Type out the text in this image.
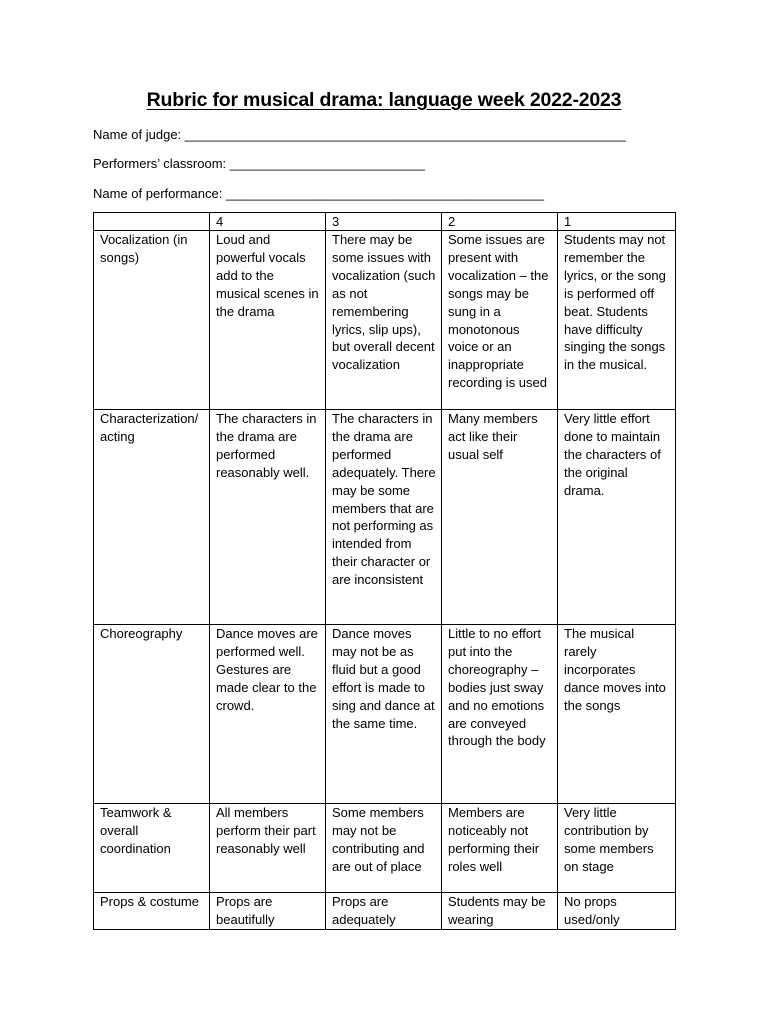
Rubric for musical drama: language week 2022-2023
Name of judge: _____________________________________________________________
Performers’ classroom: ___________________________
Name of performance: ____________________________________________
	4	3	2	1
Vocalization (in songs)	Loud and powerful vocals add to the musical scenes in the drama	There may be some issues with vocalization (such as not remembering lyrics, slip ups), but overall decent vocalization	Some issues are present with vocalization – the songs may be sung in a monotonous voice or an inappropriate recording is used	Students may not remember the lyrics, or the song is performed off beat. Students have difficulty singing the songs in the musical.
Characterization/acting	The characters in the drama are performed reasonably well.	The characters in the drama are performed adequately. There may be some members that are not performing as intended from their character or are inconsistent	Many members act like their usual self	Very little effort done to maintain the characters of the original drama.
Choreography	Dance moves are performed well. Gestures are made clear to the crowd.	Dance moves may not be as fluid but a good effort is made to sing and dance at the same time.	Little to no effort put into the choreography – bodies just sway and no emotions are conveyed through the body	The musical rarely incorporates dance moves into the songs
Teamwork & overall coordination	All members perform their part reasonably well	Some members may not be contributing and are out of place	Members are noticeably not performing their roles well	Very little contribution by some members on stage
Props & costume	Props are beautifully	Props are adequately	Students may be wearing	No props used/only
